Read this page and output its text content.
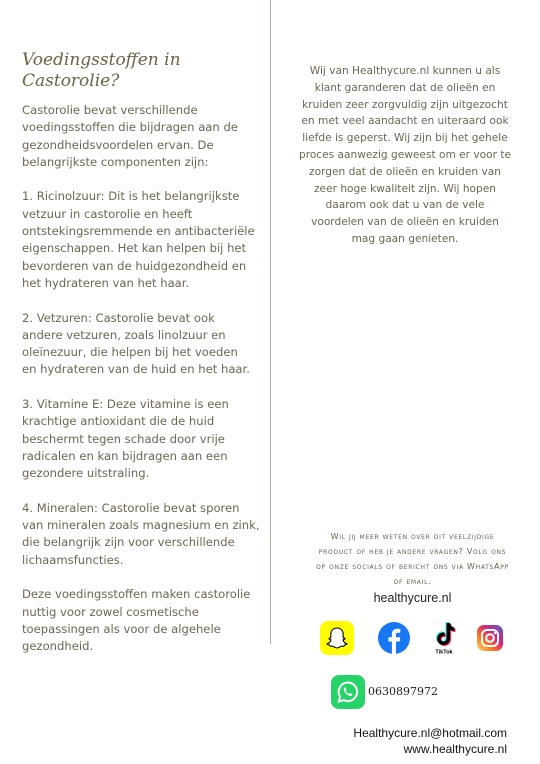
Voedingsstoffen in
Castorolie?

Castorolie bevat verschillende
voedingsstoffen die bijdragen aan de
gezondheidsvoordelen ervan. De
belangrijkste componenten zijn:

1. Ricinolzuur: Dit is het belangrijkste
vetzuur in castorolie en heeft
ontstekingsremmende en antibacteriële
eigenschappen. Het kan helpen bij het
bevorderen van de huidgezondheid en
het hydrateren van het haar.

2. Vetzuren: Castorolie bevat ook
andere vetzuren, zoals linolzuur en
oleïnezuur, die helpen bij het voeden
en hydrateren van de huid en het haar.

3. Vitamine E: Deze vitamine is een
krachtige antioxidant die de huid
beschermt tegen schade door vrije
radicalen en kan bijdragen aan een
gezondere uitstraling.

4. Mineralen: Castorolie bevat sporen
van mineralen zoals magnesium en zink,
die belangrijk zijn voor verschillende
lichaamsfuncties.

Deze voedingsstoffen maken castorolie
nuttig voor zowel cosmetische
toepassingen als voor de algehele
gezondheid.

Wij van Healthycure.nl kunnen u als
klant garanderen dat de olieën en
kruiden zeer zorgvuldig zijn uitgezocht
en met veel aandacht en uiteraard ook
liefde is geperst. Wij zijn bij het gehele
proces aanwezig geweest om er voor te
zorgen dat de olieën en kruiden van
zeer hoge kwaliteit zijn. Wij hopen
daarom ook dat u van de vele
voordelen van de olieën en kruiden
mag gaan genieten.
Wil jij meer weten over dit veelzijdige
product of heb je andere vragen? Volg ons
op onze socials of bericht ons via WhatsApp
of email.
healthycure.nl
TikTok
0630897972
Healthycure.nl@hotmail.com
www.healthycure.nl
